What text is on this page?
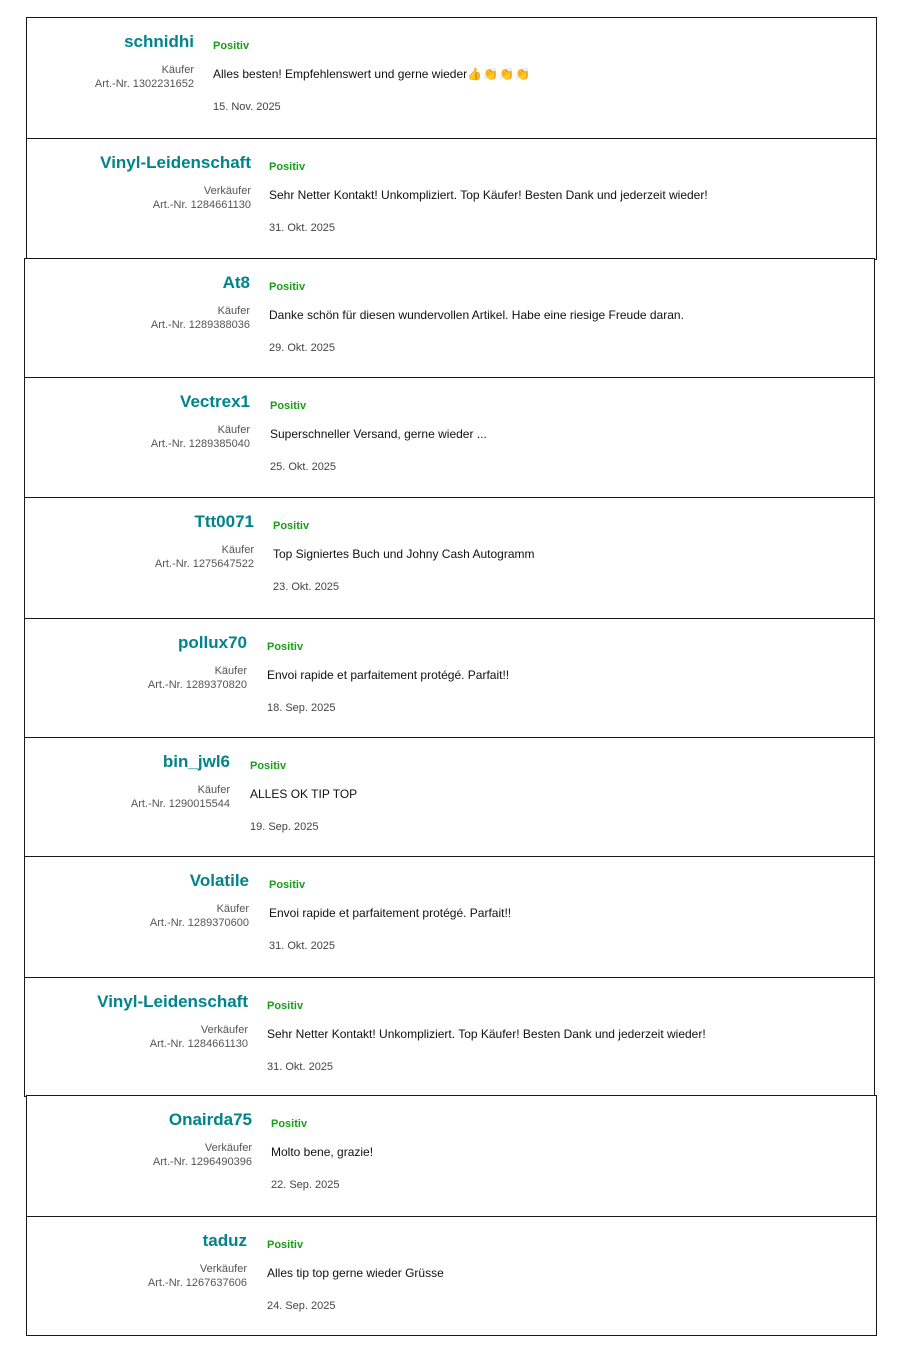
schnidhi
Käufer
Art.-Nr. 1302231652
Positiv
Alles besten! Empfehlenswert und gerne wieder👍👏👏👏
15. Nov. 2025
Vinyl-Leidenschaft
Verkäufer
Art.-Nr. 1284661130
Positiv
Sehr Netter Kontakt! Unkompliziert. Top Käufer! Besten Dank und jederzeit wieder!
31. Okt. 2025
At8
Käufer
Art.-Nr. 1289388036
Positiv
Danke schön für diesen wundervollen Artikel. Habe eine riesige Freude daran.
29. Okt. 2025
Vectrex1
Käufer
Art.-Nr. 1289385040
Positiv
Superschneller Versand, gerne wieder ...
25. Okt. 2025
Ttt0071
Käufer
Art.-Nr. 1275647522
Positiv
Top Signiertes Buch und Johny Cash Autogramm
23. Okt. 2025
pollux70
Käufer
Art.-Nr. 1289370820
Positiv
Envoi rapide et parfaitement protégé. Parfait!!
18. Sep. 2025
bin_jwl6
Käufer
Art.-Nr. 1290015544
Positiv
ALLES OK TIP TOP
19. Sep. 2025
Volatile
Käufer
Art.-Nr. 1289370600
Positiv
Envoi rapide et parfaitement protégé. Parfait!!
31. Okt. 2025
Vinyl-Leidenschaft
Verkäufer
Art.-Nr. 1284661130
Positiv
Sehr Netter Kontakt! Unkompliziert. Top Käufer! Besten Dank und jederzeit wieder!
31. Okt. 2025
Onairda75
Verkäufer
Art.-Nr. 1296490396
Positiv
Molto bene, grazie!
22. Sep. 2025
taduz
Verkäufer
Art.-Nr. 1267637606
Positiv
Alles tip top gerne wieder Grüsse
24. Sep. 2025
